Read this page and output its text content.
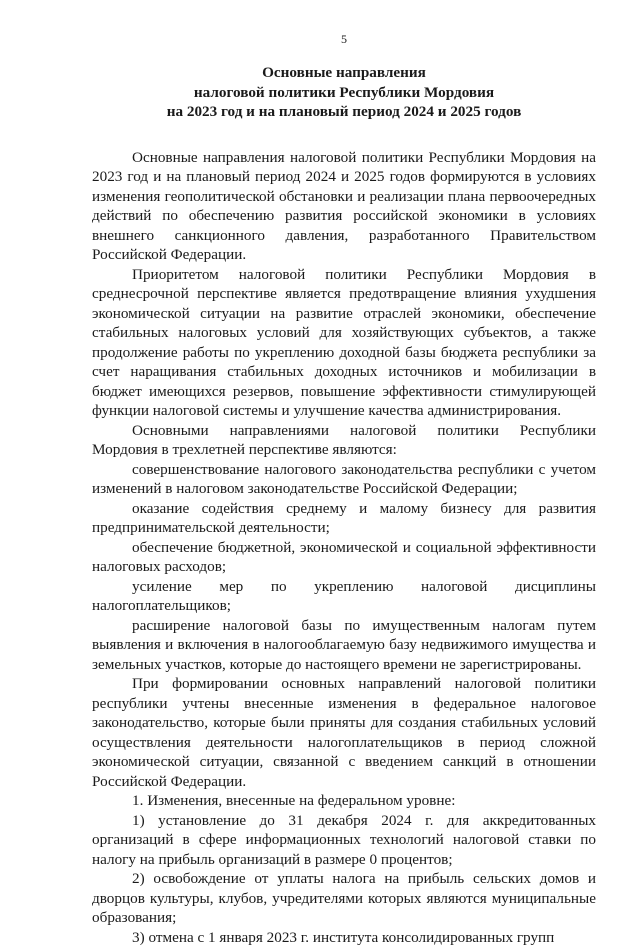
5
Основные направления
налоговой политики Республики Мордовия
на 2023 год и на плановый период 2024 и 2025 годов

Основные направления налоговой политики Республики Мордовия на 2023 год и на плановый период 2024 и 2025 годов формируются в условиях изменения геополитической обстановки и реализации плана первоочередных действий по обеспечению развития российской экономики в условиях внешнего санкционного давления, разработанного Правительством Российской Федерации.

Приоритетом налоговой политики Республики Мордовия в среднесрочной перспективе является предотвращение влияния ухудшения экономической ситуации на развитие отраслей экономики, обеспечение стабильных налоговых условий для хозяйствующих субъектов, а также продолжение работы по укреплению доходной базы бюджета республики за счет наращивания стабильных доходных источников и мобилизации в бюджет имеющихся резервов, повышение эффективности стимулирующей функции налоговой системы и улучшение качества администрирования.

Основными направлениями налоговой политики Республики Мордовия в трехлетней перспективе являются:

совершенствование налогового законодательства республики с учетом изменений в налоговом законодательстве Российской Федерации;

оказание содействия среднему и малому бизнесу для развития предпринимательской деятельности;

обеспечение бюджетной, экономической и социальной эффективности налоговых расходов;

усиление мер по укреплению налоговой дисциплины налогоплательщиков;

расширение налоговой базы по имущественным налогам путем выявления и включения в налогооблагаемую базу недвижимого имущества и земельных участков, которые до настоящего времени не зарегистрированы.

При формировании основных направлений налоговой политики республики учтены внесенные изменения в федеральное налоговое законодательство, которые были приняты для создания стабильных условий осуществления деятельности налогоплательщиков в период сложной экономической ситуации, связанной с введением санкций в отношении Российской Федерации.

1. Изменения, внесенные на федеральном уровне:

1) установление до 31 декабря 2024 г. для аккредитованных организаций в сфере информационных технологий налоговой ставки по налогу на прибыль организаций в размере 0 процентов;

2) освобождение от уплаты налога на прибыль сельских домов и дворцов культуры, клубов, учредителями которых являются муниципальные образования;

3) отмена с 1 января 2023 г. института консолидированных групп
